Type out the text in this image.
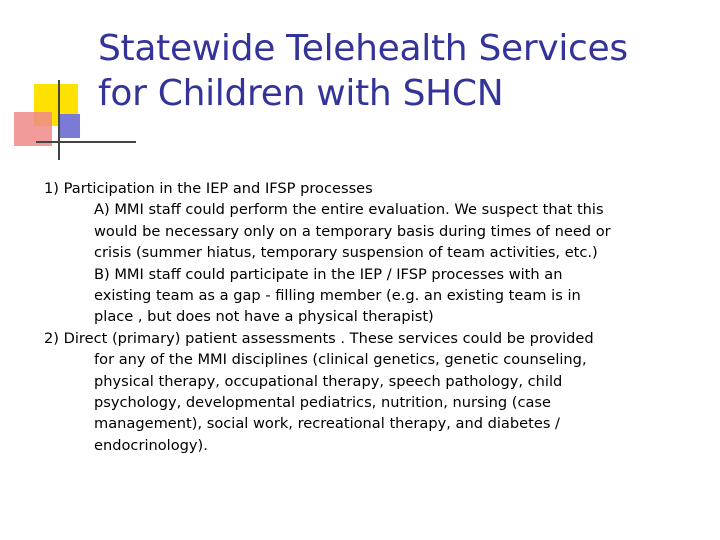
Statewide Telehealth Services
for Children with SHCN
1) Participation in the IEP and IFSP processes
A) MMI staff could perform the entire evaluation. We suspect that this
would be necessary only on a temporary basis during times of need or
crisis (summer hiatus, temporary suspension of team activities, etc.)
B) MMI staff could participate in the IEP / IFSP processes with an
existing team as a gap - filling member (e.g. an existing team is in
place , but does not have a physical therapist)
2) Direct (primary) patient assessments . These services could be provided
for any of the MMI disciplines (clinical genetics, genetic counseling,
physical therapy, occupational therapy, speech pathology, child
psychology, developmental pediatrics, nutrition, nursing (case
management), social work, recreational therapy, and diabetes /
endocrinology).
